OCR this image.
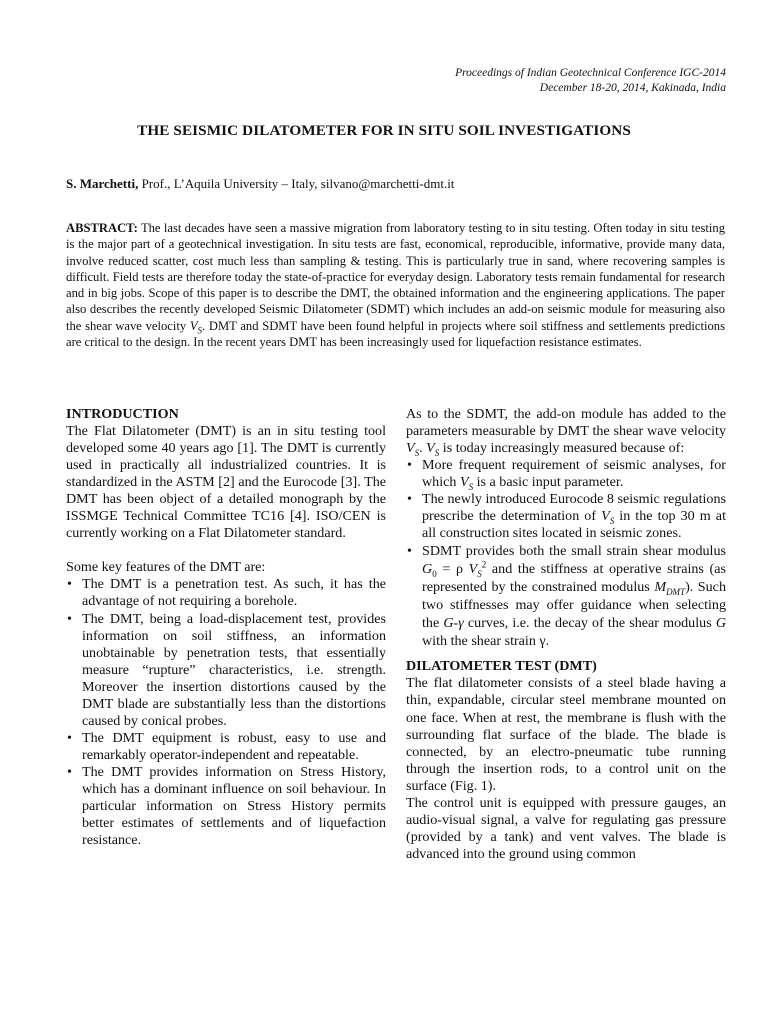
Proceedings of Indian Geotechnical Conference IGC-2014
December 18-20, 2014, Kakinada, India
THE SEISMIC DILATOMETER FOR IN SITU SOIL INVESTIGATIONS
S. Marchetti, Prof., L’Aquila University – Italy, silvano@marchetti-dmt.it
ABSTRACT: The last decades have seen a massive migration from laboratory testing to in situ testing. Often today in situ testing is the major part of a geotechnical investigation. In situ tests are fast, economical, reproducible, informative, provide many data, involve reduced scatter, cost much less than sampling & testing. This is particularly true in sand, where recovering samples is difficult. Field tests are therefore today the state-of-practice for everyday design. Laboratory tests remain fundamental for research and in big jobs. Scope of this paper is to describe the DMT, the obtained information and the engineering applications. The paper also describes the recently developed Seismic Dilatometer (SDMT) which includes an add-on seismic module for measuring also the shear wave velocity $V_S$. DMT and SDMT have been found helpful in projects where soil stiffness and settlements predictions are critical to the design. In the recent years DMT has been increasingly used for liquefaction resistance estimates.
INTRODUCTION

The Flat Dilatometer (DMT) is an in situ testing tool developed some 40 years ago [1]. The DMT is currently used in practically all industrialized countries. It is standardized in the ASTM [2] and the Eurocode [3]. The DMT has been object of a detailed monograph by the ISSMGE Technical Committee TC16 [4]. ISO/CEN is currently working on a Flat Dilatometer standard.

Some key features of the DMT are:

• The DMT is a penetration test. As such, it has the advantage of not requiring a borehole.
• The DMT, being a load-displacement test, provides information on soil stiffness, an information unobtainable by penetration tests, that essentially measure “rupture” characteristics, i.e. strength. Moreover the insertion distortions caused by the DMT blade are substantially less than the distortions caused by conical probes.
• The DMT equipment is robust, easy to use and remarkably operator-independent and repeatable.
• The DMT provides information on Stress History, which has a dominant influence on soil behaviour. In particular information on Stress History permits better estimates of settlements and of liquefaction resistance.

As to the SDMT, the add-on module has added to the parameters measurable by DMT the shear wave velocity $V_S$. $V_S$ is today increasingly measured because of:

• More frequent requirement of seismic analyses, for which $V_S$ is a basic input parameter.
• The newly introduced Eurocode 8 seismic regulations prescribe the determination of $V_S$ in the top 30 m at all construction sites located in seismic zones.
• SDMT provides both the small strain shear modulus $G_0 = \rho$ $V_S^2$ and the stiffness at operative strains (as represented by the constrained modulus $M_{DMT}$). Such two stiffnesses may offer guidance when selecting the G-γ curves, i.e. the decay of the shear modulus G with the shear strain γ.
DILATOMETER TEST (DMT)

The flat dilatometer consists of a steel blade having a thin, expandable, circular steel membrane mounted on one face. When at rest, the membrane is flush with the surrounding flat surface of the blade. The blade is connected, by an electro-pneumatic tube running through the insertion rods, to a control unit on the surface (Fig. 1).

The control unit is equipped with pressure gauges, an audio-visual signal, a valve for regulating gas pressure (provided by a tank) and vent valves. The blade is advanced into the ground using common
